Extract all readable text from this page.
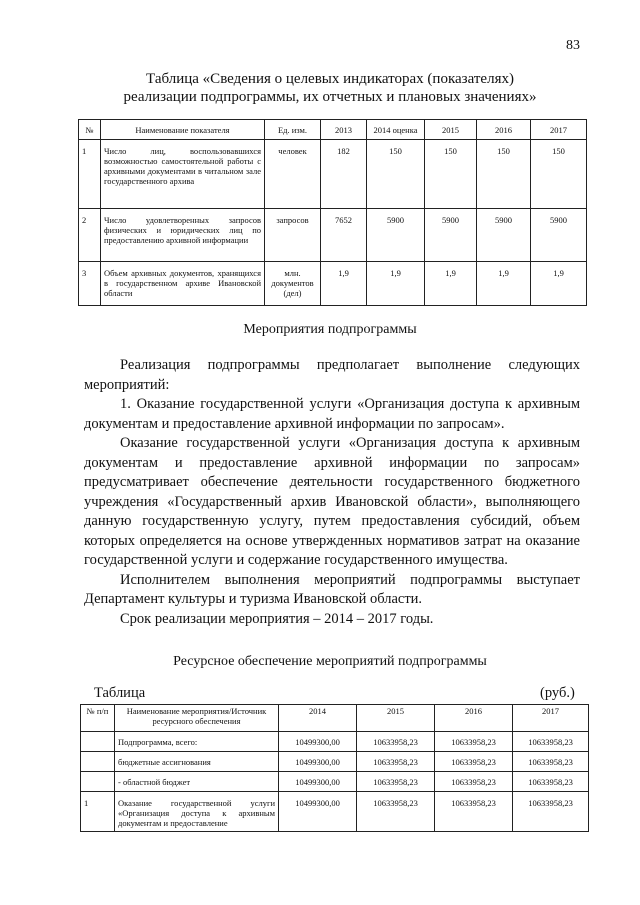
83
Таблица «Сведения о целевых индикаторах (показателях)
реализации подпрограммы, их отчетных и плановых значениях»
№	Наименование показателя	Ед. изм.	2013	2014 оценка	2015	2016	2017
1	Число лиц, воспользовавшихся возможностью самостоятельной работы с архивными документами в читальном зале государственного архива	человек	182	150	150	150	150
2	Число удовлетворенных запросов физических и юридических лиц по предоставлению архивной информации	запросов	7652	5900	5900	5900	5900
3	Объем архивных документов, хранящихся в государственном архиве Ивановской области	млн. документов (дел)	1,9	1,9	1,9	1,9	1,9
Мероприятия подпрограммы

Реализация подпрограммы предполагает выполнение следующих мероприятий:

1. Оказание государственной услуги «Организация доступа к архивным документам и предоставление архивной информации по запросам».

Оказание государственной услуги «Организация доступа к архивным документам и предоставление архивной информации по запросам» предусматривает обеспечение деятельности государственного бюджетного учреждения «Государственный архив Ивановской области», выполняющего данную государственную услугу, путем предоставления субсидий, объем которых определяется на основе утвержденных нормативов затрат на оказание государственной услуги и содержание государственного имущества.

Исполнителем выполнения мероприятий подпрограммы выступает Департамент культуры и туризма Ивановской области.

Срок реализации мероприятия – 2014 – 2017 годы.

Ресурсное обеспечение мероприятий подпрограммы
Таблица	(руб.)
№ п/п	Наименование мероприятия/Источник ресурсного обеспечения	2014	2015	2016	2017
	Подпрограмма, всего:	10499300,00	10633958,23	10633958,23	10633958,23
	бюджетные ассигнования	10499300,00	10633958,23	10633958,23	10633958,23
	- областной бюджет	10499300,00	10633958,23	10633958,23	10633958,23
1	Оказание государственной услуги «Организация доступа к архивным документам и предоставление	10499300,00	10633958,23	10633958,23	10633958,23
